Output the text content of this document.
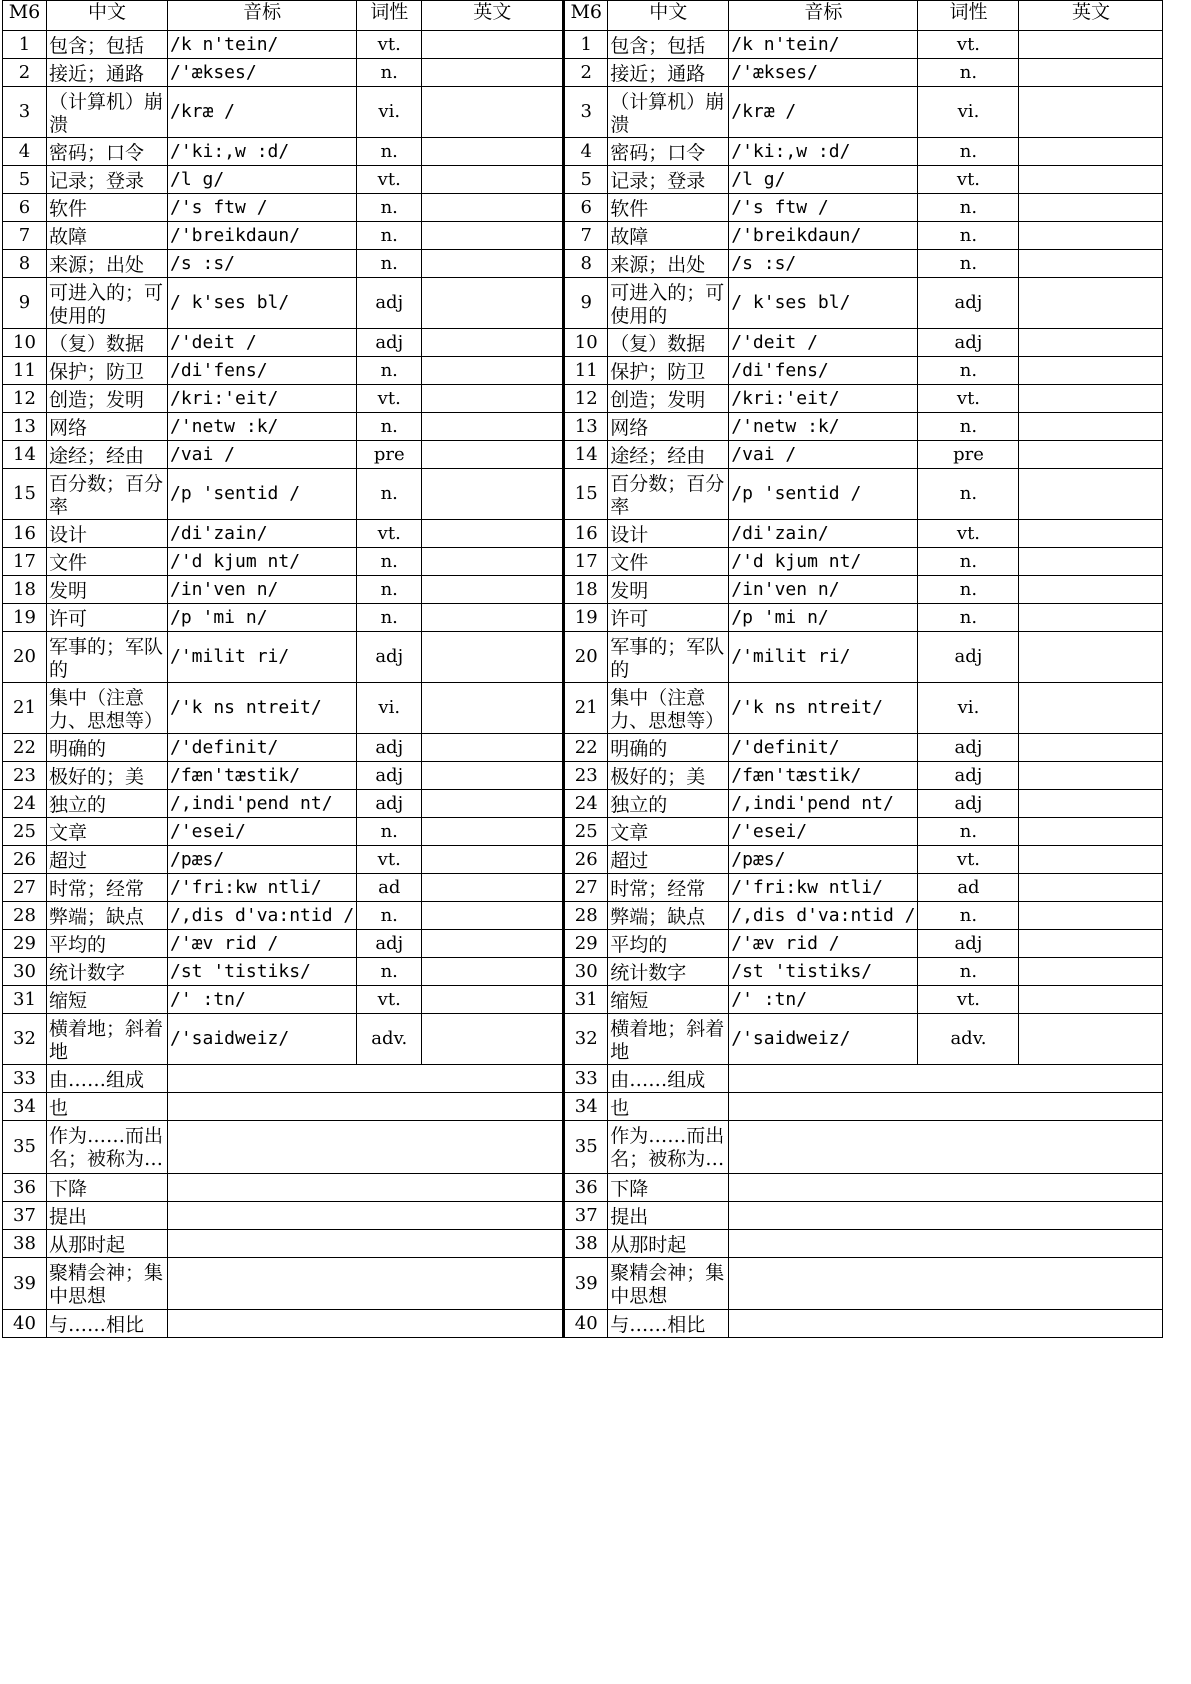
M6	中文	音标	词性	英文	M6	中文	音标	词性	英文
1	包含；包括	/k n'tein/	vt.		1	包含；包括	/k n'tein/	vt.	
2	接近；通路	/'ækses/	n.		2	接近；通路	/'ækses/	n.	
3	（计算机）崩溃	/kræ /	vi.		3	（计算机）崩溃	/kræ /	vi.	
4	密码；口令	/'ki:,w :d/	n.		4	密码；口令	/'ki:,w :d/	n.	
5	记录；登录	/l g/	vt.		5	记录；登录	/l g/	vt.	
6	软件	/'s ftw /	n.		6	软件	/'s ftw /	n.	
7	故障	/'breikdaun/	n.		7	故障	/'breikdaun/	n.	
8	来源；出处	/s :s/	n.		8	来源；出处	/s :s/	n.	
9	可进入的；可使用的	/ k'ses bl/	adj		9	可进入的；可使用的	/ k'ses bl/	adj	
10	（复）数据	/'deit /	adj		10	（复）数据	/'deit /	adj	
11	保护；防卫	/di'fens/	n.		11	保护；防卫	/di'fens/	n.	
12	创造；发明	/kri:'eit/	vt.		12	创造；发明	/kri:'eit/	vt.	
13	网络	/'netw :k/	n.		13	网络	/'netw :k/	n.	
14	途经；经由	/vai /	pre		14	途经；经由	/vai /	pre	
15	百分数；百分率	/p 'sentid /	n.		15	百分数；百分率	/p 'sentid /	n.	
16	设计	/di'zain/	vt.		16	设计	/di'zain/	vt.	
17	文件	/'d kjum nt/	n.		17	文件	/'d kjum nt/	n.	
18	发明	/in'ven n/	n.		18	发明	/in'ven n/	n.	
19	许可	/p 'mi n/	n.		19	许可	/p 'mi n/	n.	
20	军事的；军队的	/'milit ri/	adj		20	军事的；军队的	/'milit ri/	adj	
21	集中（注意力、思想等）	/'k ns ntreit/	vi.		21	集中（注意力、思想等）	/'k ns ntreit/	vi.	
22	明确的	/'definit/	adj		22	明确的	/'definit/	adj	
23	极好的；美	/fæn'tæstik/	adj		23	极好的；美	/fæn'tæstik/	adj	
24	独立的	/,indi'pend nt/	adj		24	独立的	/,indi'pend nt/	adj	
25	文章	/'esei/	n.		25	文章	/'esei/	n.	
26	超过	/pæs/	vt.		26	超过	/pæs/	vt.	
27	时常；经常	/'fri:kw ntli/	ad		27	时常；经常	/'fri:kw ntli/	ad	
28	弊端；缺点	/,dis d'va:ntid /	n.		28	弊端；缺点	/,dis d'va:ntid /	n.	
29	平均的	/'æv rid /	adj		29	平均的	/'æv rid /	adj	
30	统计数字	/st 'tistiks/	n.		30	统计数字	/st 'tistiks/	n.	
31	缩短	/' :tn/	vt.		31	缩短	/' :tn/	vt.	
32	横着地；斜着地	/'saidweiz/	adv.		32	横着地；斜着地	/'saidweiz/	adv.	
33	由……组成				33	由……组成			
34	也				34	也			
35	作为……而出名；被称为…				35	作为……而出名；被称为…			
36	下降				36	下降			
37	提出				37	提出			
38	从那时起				38	从那时起			
39	聚精会神；集中思想				39	聚精会神；集中思想			
40	与……相比				40	与……相比			
